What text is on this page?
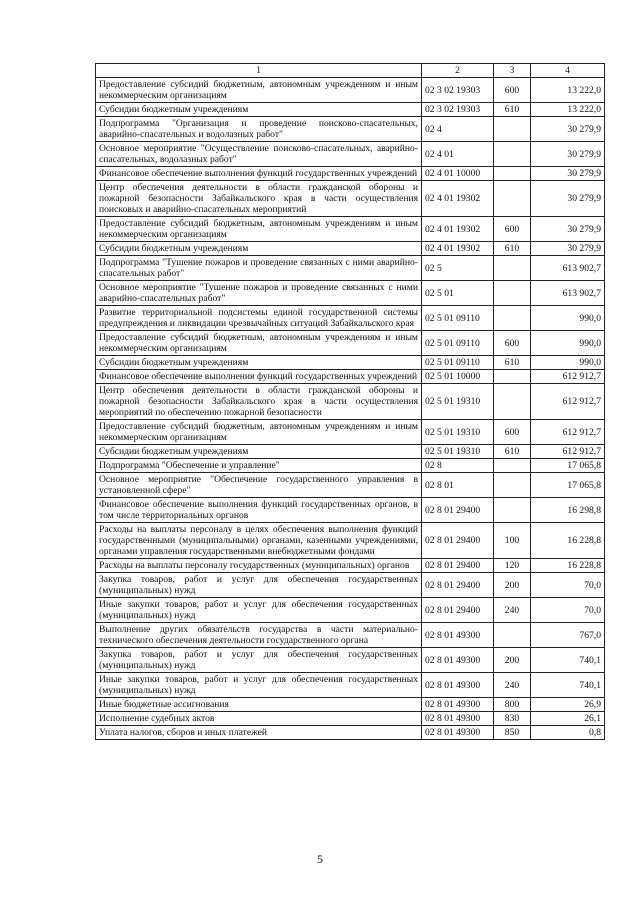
1	2	3	4
Предоставление субсидий бюджетным, автономным учреждениям и иным некоммерческим организациям	02 3 02 19303	600	13 222,0
Субсидии бюджетным учреждениям	02 3 02 19303	610	13 222,0
Подпрограмма "Организация и проведение поисково-спасательных, аварийно-спасательных и водолазных работ"	02 4		30 279,9
Основное мероприятие "Осуществление поисково-спасательных, аварийно-спасательных, водолазных работ"	02 4 01		30 279,9
Финансовое обеспечение выполнения функций государственных учреждений	02 4 01 10000		30 279,9
Центр обеспечения деятельности в области гражданской обороны и пожарной безопасности Забайкальского края в части осуществления поисковых и аварийно-спасательных мероприятий	02 4 01 19302		30 279,9
Предоставление субсидий бюджетным, автономным учреждениям и иным некоммерческим организациям	02 4 01 19302	600	30 279,9
Субсидии бюджетным учреждениям	02 4 01 19302	610	30 279,9
Подпрограмма "Тушение пожаров и проведение связанных с ними аварийно-спасательных работ"	02 5		613 902,7
Основное мероприятие "Тушение пожаров и проведение связанных с ними аварийно-спасательных работ"	02 5 01		613 902,7
Развитие территориальной подсистемы единой государственной системы предупреждения и ликвидации чрезвычайных ситуаций Забайкальского края	02 5 01 09110		990,0
Предоставление субсидий бюджетным, автономным учреждениям и иным некоммерческим организациям	02 5 01 09110	600	990,0
Субсидии бюджетным учреждениям	02 5 01 09110	610	990,0
Финансовое обеспечение выполнения функций государственных учреждений	02 5 01 10000		612 912,7
Центр обеспечения деятельности в области гражданской обороны и пожарной безопасности Забайкальского края в части осуществления мероприятий по обеспечению пожарной безопасности	02 5 01 19310		612 912,7
Предоставление субсидий бюджетным, автономным учреждениям и иным некоммерческим организациям	02 5 01 19310	600	612 912,7
Субсидии бюджетным учреждениям	02 5 01 19310	610	612 912,7
Подпрограмма "Обеспечение и управление"	02 8		17 065,8
Основное мероприятие "Обеспечение государственного управления в установленной сфере"	02 8 01		17 065,8
Финансовое обеспечение выполнения функций государственных органов, в том числе территориальных органов	02 8 01 29400		16 298,8
Расходы на выплаты персоналу в целях обеспечения выполнения функций государственными (муниципальными) органами, казенными учреждениями, органами управления государственными внебюджетными фондами	02 8 01 29400	100	16 228,8
Расходы на выплаты персоналу государственных (муниципальных) органов	02 8 01 29400	120	16 228,8
Закупка товаров, работ и услуг для обеспечения государственных (муниципальных) нужд	02 8 01 29400	200	70,0
Иные закупки товаров, работ и услуг для обеспечения государственных (муниципальных) нужд	02 8 01 29400	240	70,0
Выполнение других обязательств государства в части материально-технического обеспечения деятельности государственного органа	02 8 01 49300		767,0
Закупка товаров, работ и услуг для обеспечения государственных (муниципальных) нужд	02 8 01 49300	200	740,1
Иные закупки товаров, работ и услуг для обеспечения государственных (муниципальных) нужд	02 8 01 49300	240	740,1
Иные бюджетные ассигнования	02 8 01 49300	800	26,9
Исполнение судебных актов	02 8 01 49300	830	26,1
Уплата налогов, сборов и иных платежей	02 8 01 49300	850	0,8
5
